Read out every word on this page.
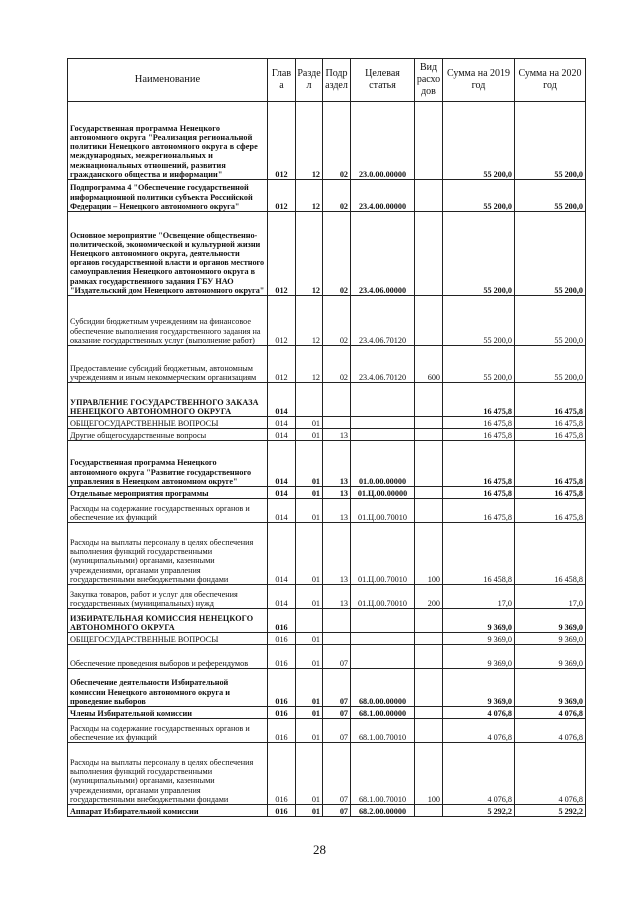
Наименование	Глав а	Разде л	Подр аздел	Целевая статья	Вид расхо дов	Сумма на 2019 год	Сумма на 2020 год
Государственная программа Ненецкого автономного округа "Реализация региональной политики Ненецкого автономного округа в сфере международных, межрегиональных и межнациональных отношений, развития гражданского общества и информации"	012	12	02	23.0.00.00000		55 200,0	55 200,0
Подпрограмма 4 "Обеспечение государственной информационной политики субъекта Российской Федерации – Ненецкого автономного округа"	012	12	02	23.4.00.00000		55 200,0	55 200,0
Основное мероприятие "Освещение общественно-политической, экономической и культурной жизни Ненецкого автономного округа, деятельности органов государственной власти и органов местного самоуправления Ненецкого автономного округа в рамках государственного задания ГБУ НАО "Издательский дом Ненецкого автономного округа"	012	12	02	23.4.06.00000		55 200,0	55 200,0
Субсидии бюджетным учреждениям на финансовое обеспечение выполнения государственного задания на оказание государственных услуг (выполнение работ)	012	12	02	23.4.06.70120		55 200,0	55 200,0
Предоставление субсидий бюджетным, автономным учреждениям и иным некоммерческим организациям	012	12	02	23.4.06.70120	600	55 200,0	55 200,0
УПРАВЛЕНИЕ ГОСУДАРСТВЕННОГО ЗАКАЗА НЕНЕЦКОГО АВТОНОМНОГО ОКРУГА	014					16 475,8	16 475,8
ОБЩЕГОСУДАРСТВЕННЫЕ ВОПРОСЫ	014	01				16 475,8	16 475,8
Другие общегосударственные вопросы	014	01	13			16 475,8	16 475,8
Государственная программа Ненецкого автономного округа "Развитие государственного управления в Ненецком автономном округе"	014	01	13	01.0.00.00000		16 475,8	16 475,8
Отдельные мероприятия программы	014	01	13	01.Ц.00.00000		16 475,8	16 475,8
Расходы на содержание государственных органов и обеспечение их функций	014	01	13	01.Ц.00.70010		16 475,8	16 475,8
Расходы на выплаты персоналу в целях обеспечения выполнения функций государственными (муниципальными) органами, казенными учреждениями, органами управления государственными внебюджетными фондами	014	01	13	01.Ц.00.70010	100	16 458,8	16 458,8
Закупка товаров, работ и услуг для обеспечения государственных (муниципальных) нужд	014	01	13	01.Ц.00.70010	200	17,0	17,0
ИЗБИРАТЕЛЬНАЯ КОМИССИЯ НЕНЕЦКОГО АВТОНОМНОГО ОКРУГА	016					9 369,0	9 369,0
ОБЩЕГОСУДАРСТВЕННЫЕ ВОПРОСЫ	016	01				9 369,0	9 369,0
Обеспечение проведения выборов и референдумов	016	01	07			9 369,0	9 369,0
Обеспечение деятельности Избирательной комиссии Ненецкого автономного округа и проведение выборов	016	01	07	68.0.00.00000		9 369,0	9 369,0
Члены Избирательной комиссии	016	01	07	68.1.00.00000		4 076,8	4 076,8
Расходы на содержание государственных органов и обеспечение их функций	016	01	07	68.1.00.70010		4 076,8	4 076,8
Расходы на выплаты персоналу в целях обеспечения выполнения функций государственными (муниципальными) органами, казенными учреждениями, органами управления государственными внебюджетными фондами	016	01	07	68.1.00.70010	100	4 076,8	4 076,8
Аппарат Избирательной комиссии	016	01	07	68.2.00.00000		5 292,2	5 292,2
28
